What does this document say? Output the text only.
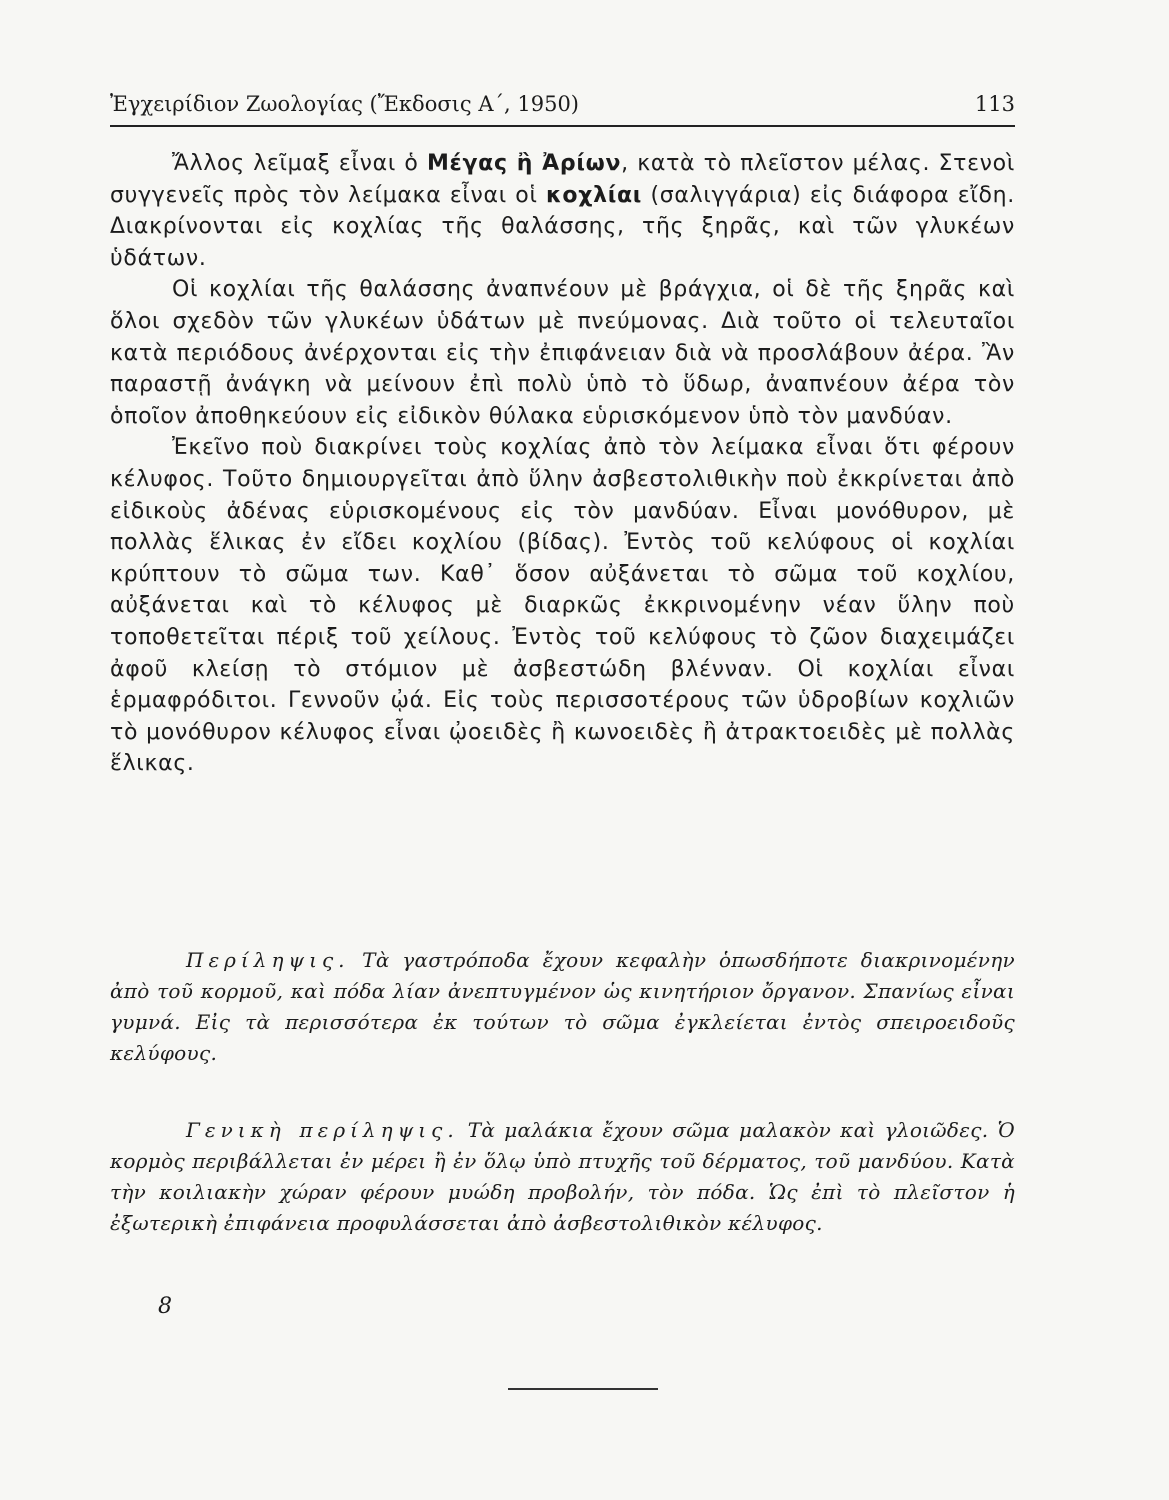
Ἐγχειρίδιον Ζωολογίας (Ἔκδοσις Α΄, 1950)	113

Ἄλλος λεῖμαξ εἶναι ὁ Μέγας ἢ Ἀρίων, κατὰ τὸ πλεῖστον μέλας. Στενοὶ συγγενεῖς πρὸς τὸν λείμακα εἶναι οἱ κοχλίαι (σαλιγγάρια) εἰς διάφορα εἴδη. Διακρίνονται εἰς κοχλίας τῆς θαλάσσης, τῆς ξηρᾶς, καὶ τῶν γλυκέων ὑδάτων.

Οἱ κοχλίαι τῆς θαλάσσης ἀναπνέουν μὲ βράγχια, οἱ δὲ τῆς ξηρᾶς καὶ ὅλοι σχεδὸν τῶν γλυκέων ὑδάτων μὲ πνεύμονας. Διὰ τοῦτο οἱ τελευταῖοι κατὰ περιόδους ἀνέρχονται εἰς τὴν ἐπιφάνειαν διὰ νὰ προσλάβουν ἀέρα. Ἂν παραστῇ ἀνάγκη νὰ μείνουν ἐπὶ πολὺ ὑπὸ τὸ ὕδωρ, ἀναπνέουν ἀέρα τὸν ὁποῖον ἀποθηκεύουν εἰς εἰδικὸν θύλακα εὑρισκόμενον ὑπὸ τὸν μανδύαν.

Ἐκεῖνο ποὺ διακρίνει τοὺς κοχλίας ἀπὸ τὸν λείμακα εἶναι ὅτι φέρουν κέλυφος. Τοῦτο δημιουργεῖται ἀπὸ ὕλην ἀσβεστολιθικὴν ποὺ ἐκκρίνεται ἀπὸ εἰδικοὺς ἀδένας εὑρισκομένους εἰς τὸν μανδύαν. Εἶναι μονόθυρον, μὲ πολλὰς ἕλικας ἐν εἴδει κοχλίου (βίδας). Ἐντὸς τοῦ κελύφους οἱ κοχλίαι κρύπτουν τὸ σῶμα των. Καθ᾽ ὅσον αὐξάνεται τὸ σῶμα τοῦ κοχλίου, αὐξάνεται καὶ τὸ κέλυφος μὲ διαρκῶς ἐκκρινομένην νέαν ὕλην ποὺ τοποθετεῖται πέριξ τοῦ χείλους. Ἐντὸς τοῦ κελύφους τὸ ζῶον διαχειμάζει ἀφοῦ κλείσῃ τὸ στόμιον μὲ ἀσβεστώδη βλένναν. Οἱ κοχλίαι εἶναι ἑρμαφρόδιτοι. Γεννοῦν ᾠά. Εἰς τοὺς περισσοτέρους τῶν ὑδροβίων κοχλιῶν τὸ μονόθυρον κέλυφος εἶναι ᾠοειδὲς ἢ κωνοειδὲς ἢ ἀτρακτοειδὲς μὲ πολλὰς ἕλικας.

Περίληψις. Τὰ γαστρόποδα ἔχουν κεφαλὴν ὁπωσδήποτε διακρινομένην ἀπὸ τοῦ κορμοῦ, καὶ πόδα λίαν ἀνεπτυγμένον ὡς κινητήριον ὄργανον. Σπανίως εἶναι γυμνά. Εἰς τὰ περισσότερα ἐκ τούτων τὸ σῶμα ἐγκλείεται ἐντὸς σπειροειδοῦς κελύφους.

Γενικὴ περίληψις. Τὰ μαλάκια ἔχουν σῶμα μαλακὸν καὶ γλοιῶδες. Ὁ κορμὸς περιβάλλεται ἐν μέρει ἢ ἐν ὅλῳ ὑπὸ πτυχῆς τοῦ δέρματος, τοῦ μανδύου. Κατὰ τὴν κοιλιακὴν χώραν φέρουν μυώδη προβολήν, τὸν πόδα. Ὡς ἐπὶ τὸ πλεῖστον ἡ ἐξωτερικὴ ἐπιφάνεια προφυλάσσεται ἀπὸ ἀσβεστολιθικὸν κέλυφος.

8
